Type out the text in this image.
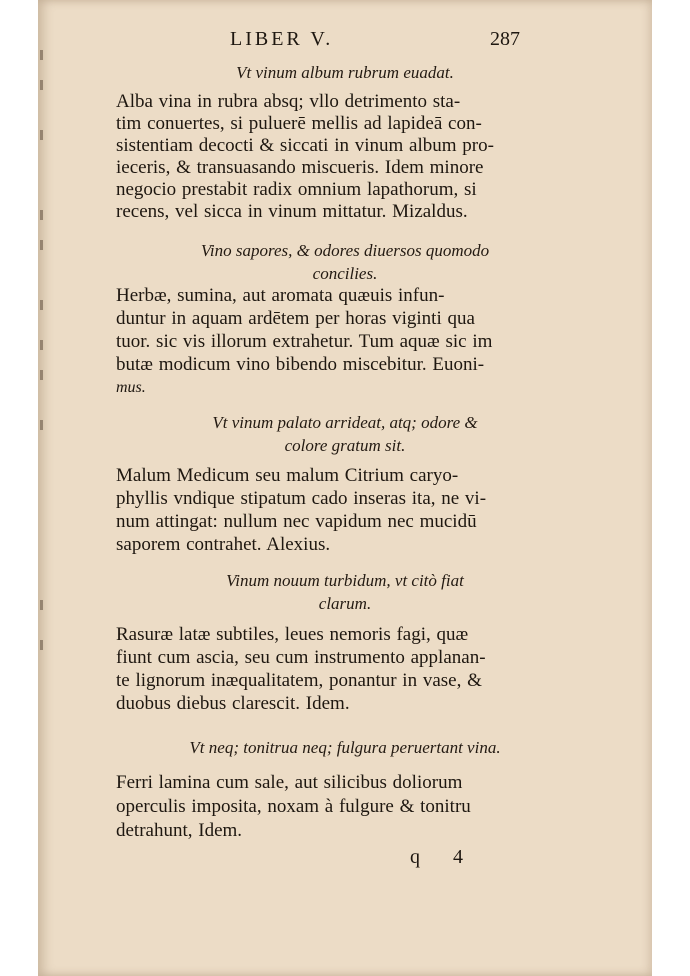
LIBER V.	287
Vt vinum album rubrum euadat.
Alba vina in rubra absq; vllo detrimento sta-
tim conuertes, si puluerē mellis ad lapideā con-
sistentiam decocti & siccati in vinum album pro-
ieceris, & transuasando miscueris. Idem minore
negocio prestabit radix omnium lapathorum, si
recens, vel sicca in vinum mittatur. Mizaldus.
Vino sapores, & odores diuersos quomodo
concilies.
Herbæ, sumina, aut aromata quæuis infun-
duntur in aquam ardētem per horas viginti qua
tuor. sic vis illorum extrahetur. Tum aquæ sic im
butæ modicum vino bibendo miscebitur. Euoni-
mus.
Vt vinum palato arrideat, atq; odore &
colore gratum sit.
Malum Medicum seu malum Citrium caryo-
phyllis vndique stipatum cado inseras ita, ne vi-
num attingat: nullum nec vapidum nec mucidū
saporem contrahet. Alexius.
Vinum nouum turbidum, vt citò fiat
clarum.
Rasuræ latæ subtiles, leues nemoris fagi, quæ
fiunt cum ascia, seu cum instrumento applanan-
te lignorum inæqualitatem, ponantur in vase, &
duobus diebus clarescit. Idem.
Vt neq; tonitrua neq; fulgura peruertant vina.
Ferri lamina cum sale, aut silicibus doliorum
operculis imposita, noxam à fulgure & tonitru
detrahunt, Idem.
q 4
